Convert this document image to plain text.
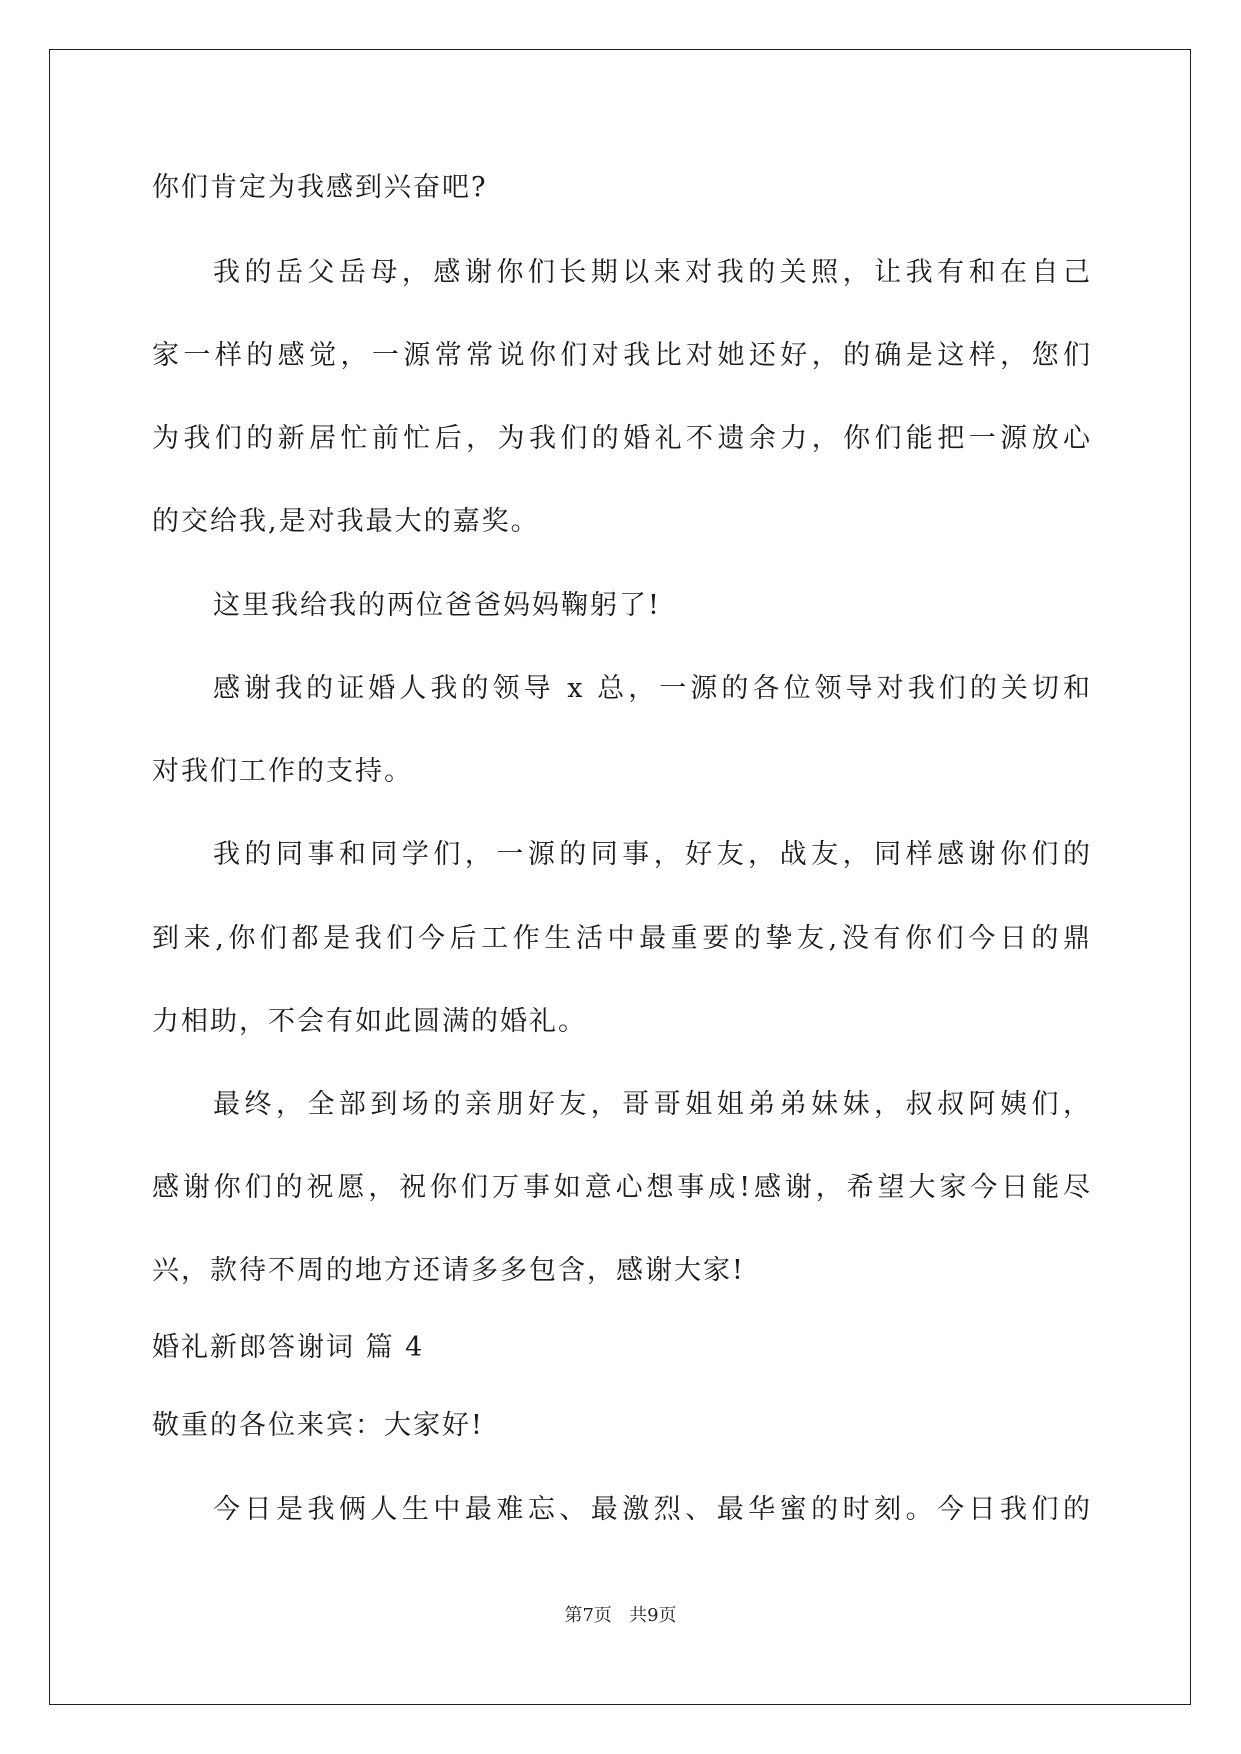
你们肯定为我感到兴奋吧?
我的岳父岳母，感谢你们长期以来对我的关照，让我有和在自己
家一样的感觉，一源常常说你们对我比对她还好，的确是这样，您们
为我们的新居忙前忙后，为我们的婚礼不遗余力，你们能把一源放心
的交给我,是对我最大的嘉奖。
这里我给我的两位爸爸妈妈鞠躬了!
感谢我的证婚人我的领导 x 总，一源的各位领导对我们的关切和
对我们工作的支持。
我的同事和同学们，一源的同事，好友，战友，同样感谢你们的
到来,你们都是我们今后工作生活中最重要的挚友,没有你们今日的鼎
力相助，不会有如此圆满的婚礼。
最终，全部到场的亲朋好友，哥哥姐姐弟弟妹妹，叔叔阿姨们，
感谢你们的祝愿，祝你们万事如意心想事成!感谢，希望大家今日能尽
兴，款待不周的地方还请多多包含，感谢大家!
婚礼新郎答谢词 篇 4
敬重的各位来宾：大家好!
今日是我俩人生中最难忘、最激烈、最华蜜的时刻。今日我们的
第7页 共9页
